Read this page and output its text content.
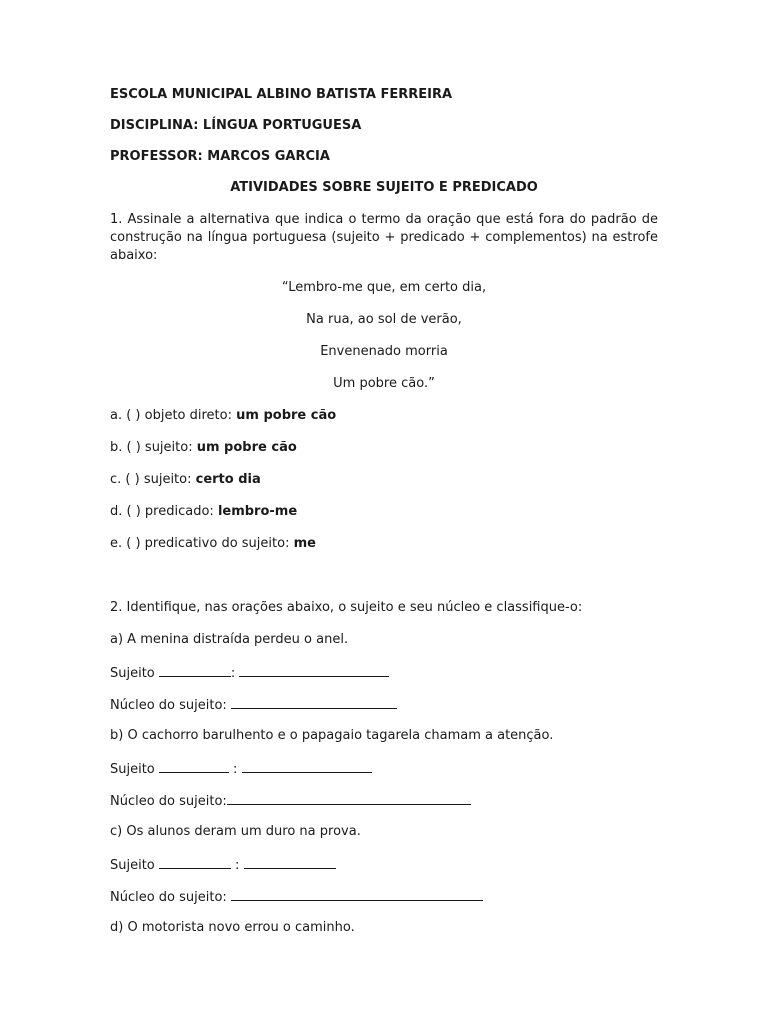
ESCOLA MUNICIPAL ALBINO BATISTA FERREIRA
DISCIPLINA: LÍNGUA PORTUGUESA
PROFESSOR: MARCOS GARCIA
ATIVIDADES SOBRE SUJEITO E PREDICADO
1. Assinale a alternativa que indica o termo da oração que está fora do padrão de construção na língua portuguesa (sujeito + predicado + complementos) na estrofe abaixo:
“Lembro-me que, em certo dia,
Na rua, ao sol de verão,
Envenenado morria
Um pobre cão.”
a. ( ) objeto direto: um pobre cão
b. ( ) sujeito: um pobre cão
c. ( ) sujeito: certo dia
d. ( ) predicado: lembro-me
e. ( ) predicativo do sujeito: me
2. Identifique, nas orações abaixo, o sujeito e seu núcleo e classifique-o:
a) A menina distraída perdeu o anel.
Sujeito	:
Núcleo do sujeito:
b) O cachorro barulhento e o papagaio tagarela chamam a atenção.
Sujeito	:
Núcleo do sujeito:
c) Os alunos deram um duro na prova.
Sujeito	:
Núcleo do sujeito:
d) O motorista novo errou o caminho.
